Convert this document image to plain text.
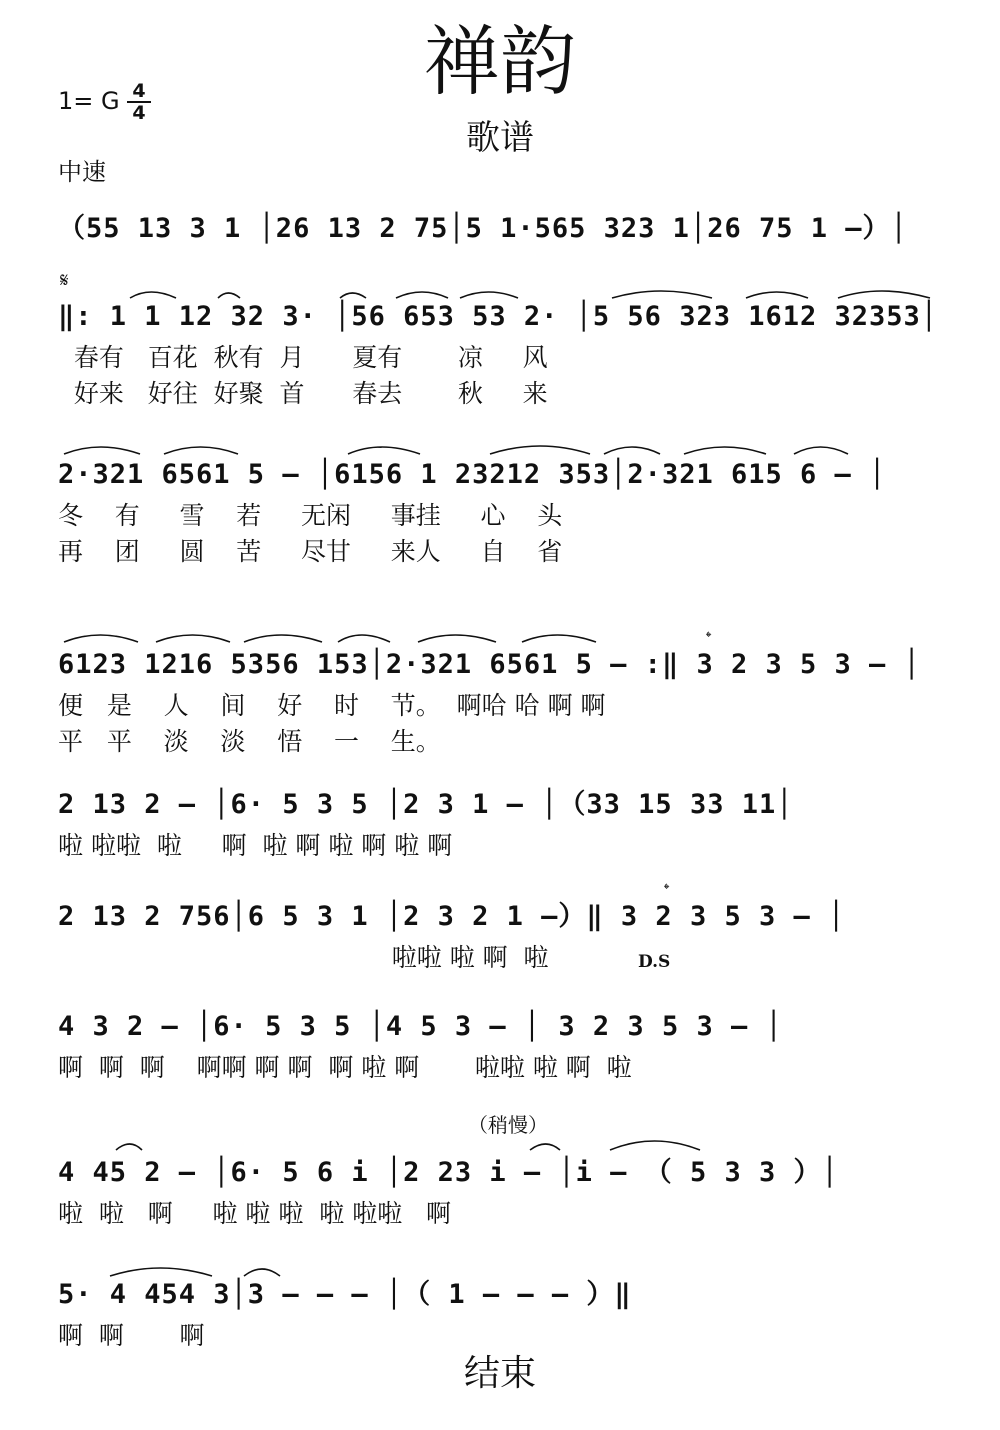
禅韵
歌谱
1= G 4
4
中速
𝄋
𝄌
𝄌
D.S
（稍慢）
（55 13 3 1 │26 13 2 75│5 1·565 323 1│26 75 1 –）│
‖: 1 1 12 32 3· │56 653 53 2· │5 56 323 1612 32353│
春有   百花  秋有  月      夏有       凉     风
好来   好往  好聚  首      春去       秋     来
2·321 6561 5 – │6156 1 23212 353│2·321 615 6 – │
冬    有     雪    若     无闲     事挂     心    头
再    团     圆    苦     尽甘     来人     自    省
6123 1216 5356 153│2·321 6561 5 – :‖ 3 2 3 5 3 – │
便   是    人    间    好    时    节。  啊哈 哈 啊 啊
平   平    淡    淡    悟    一    生。
2 13 2 – │6· 5 3 5 │2 3 1 – │（33 15 33 11│
啦 啦啦  啦     啊  啦 啊 啦 啊 啦 啊
2 13 2 756│6 5 3 1 │2 3 2 1 –）‖ 3 2 3 5 3 – │
啦啦 啦 啊  啦
4 3 2 – │6· 5 3 5 │4 5 3 – │ 3 2 3 5 3 – │
啊  啊  啊    啊啊 啊 啊  啊 啦 啊       啦啦 啦 啊  啦
4 45 2 – │6· 5 6 i │2 23 i – │i – （ 5 3 3 ）│
啦  啦   啊     啦 啦 啦  啦 啦啦   啊
5· 4 454 3│3 – – – │（ 1 – – – ）‖
啊  啊       啊
结束
